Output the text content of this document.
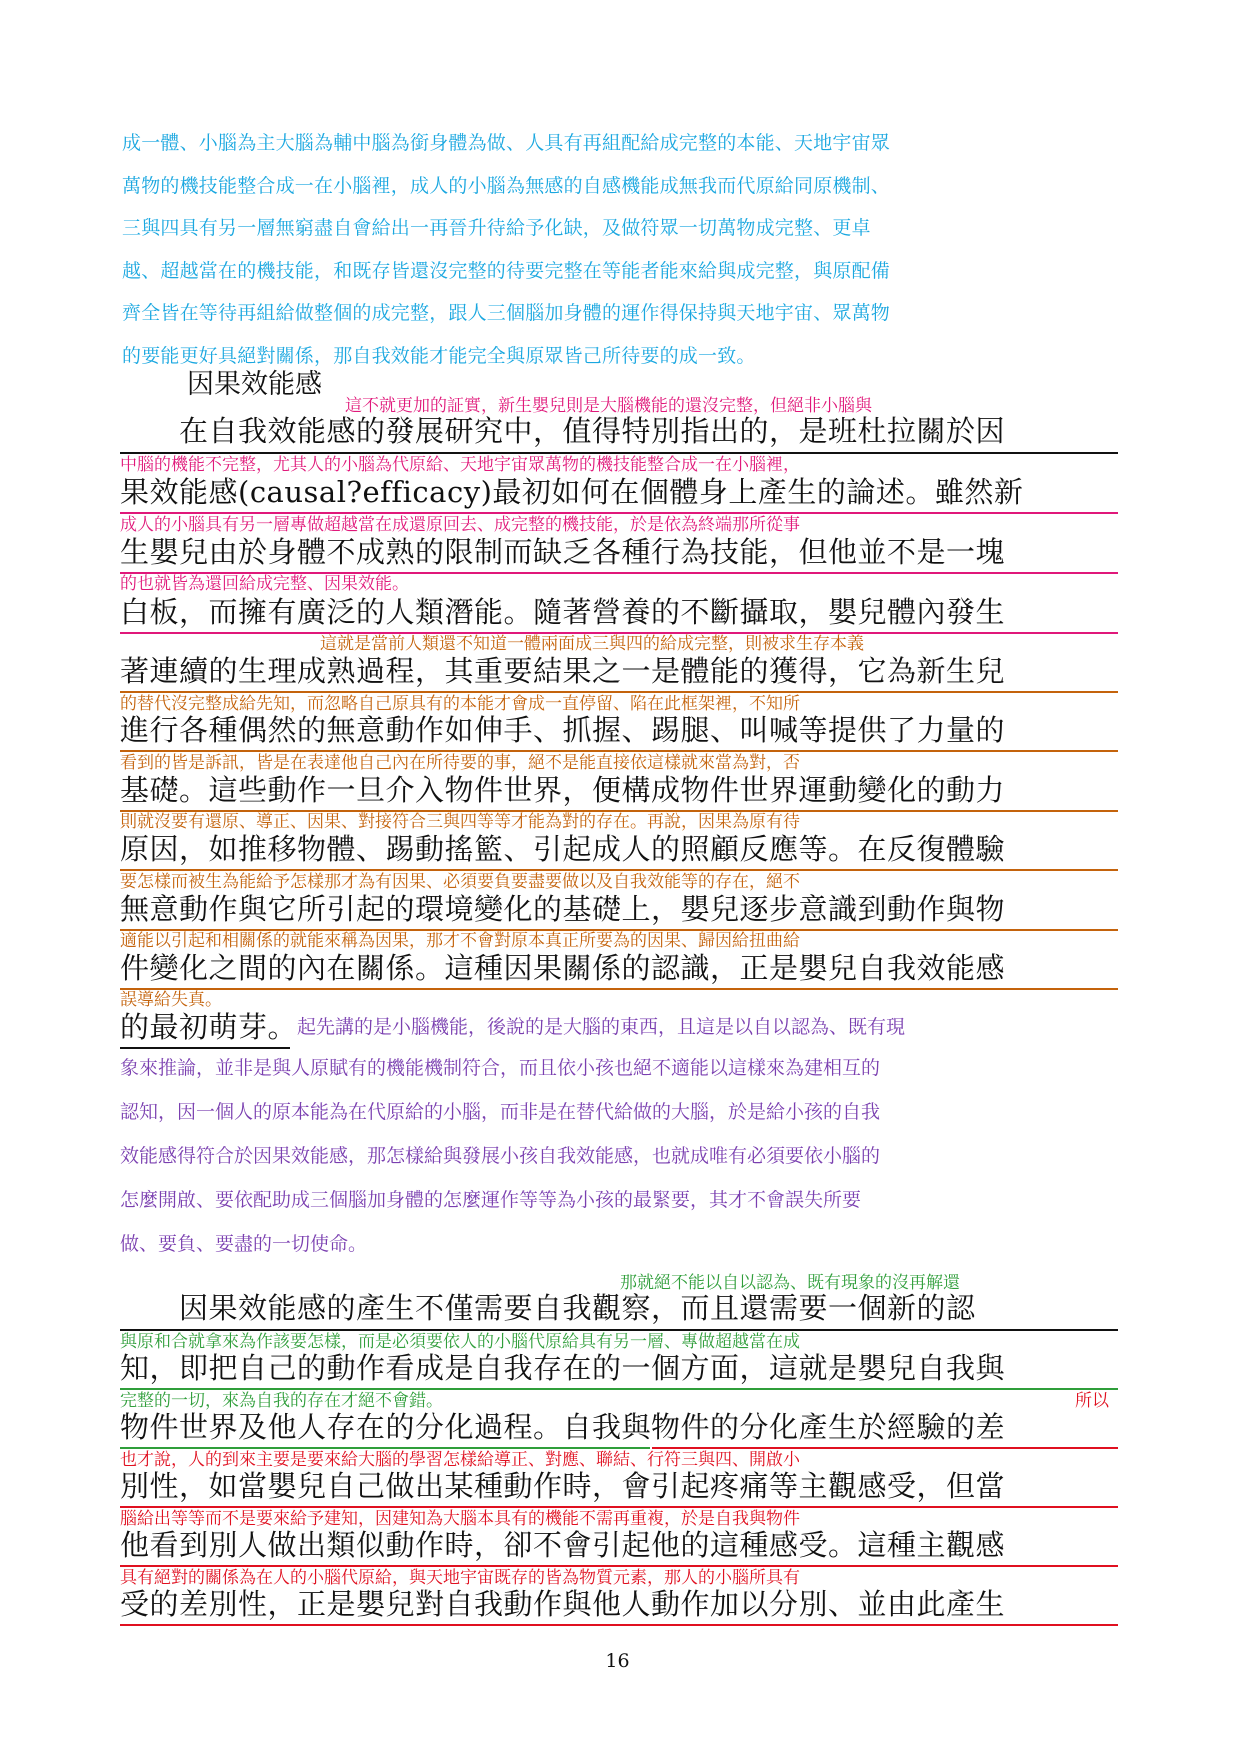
成一體、小腦為主大腦為輔中腦為銜身體為做、人具有再組配給成完整的本能、天地宇宙眾
萬物的機技能整合成一在小腦裡，成人的小腦為無感的自感機能成無我而代原給同原機制、
三與四具有另一層無窮盡自會給出一再晉升待給予化缺，及做符眾一切萬物成完整、更卓
越、超越當在的機技能，和既存皆還沒完整的待要完整在等能者能來給與成完整，與原配備
齊全皆在等待再組給做整個的成完整，跟人三個腦加身體的運作得保持與天地宇宙、眾萬物
的要能更好具絕對關係，那自我效能才能完全與原眾皆己所待要的成一致。
因果效能感
這不就更加的証實，新生嬰兒則是大腦機能的還沒完整，但絕非小腦與
　　在自我效能感的發展研究中，值得特別指出的，是班杜拉關於因
中腦的機能不完整，尤其人的小腦為代原給、天地宇宙眾萬物的機技能整合成一在小腦裡，
果效能感(causal?efficacy)最初如何在個體身上產生的論述。雖然新
成人的小腦具有另一層專做超越當在成還原回去、成完整的機技能，於是依為終端那所從事
生嬰兒由於身體不成熟的限制而缺乏各種行為技能，但他並不是一塊
的也就皆為還回給成完整、因果效能。
白板，而擁有廣泛的人類潛能。隨著營養的不斷攝取，嬰兒體內發生
這就是當前人類還不知道一體兩面成三與四的給成完整，則被求生存本義
著連續的生理成熟過程，其重要結果之一是體能的獲得，它為新生兒
的替代沒完整成給先知，而忽略自己原具有的本能才會成一直停留、陷在此框架裡，不知所
進行各種偶然的無意動作如伸手、抓握、踢腿、叫喊等提供了力量的
看到的皆是訴訊，皆是在表達他自己內在所待要的事，絕不是能直接依這樣就來當為對，否
基礎。這些動作一旦介入物件世界，便構成物件世界運動變化的動力
則就沒要有還原、導正、因果、對接符合三與四等等才能為對的存在。再說，因果為原有待
原因，如推移物體、踢動搖籃、引起成人的照顧反應等。在反復體驗
要怎樣而被生為能給予怎樣那才為有因果、必須要負要盡要做以及自我效能等的存在，絕不
無意動作與它所引起的環境變化的基礎上，嬰兒逐步意識到動作與物
適能以引起和相關係的就能來稱為因果，那才不會對原本真正所要為的因果、歸因給扭曲給
件變化之間的內在關係。這種因果關係的認識，正是嬰兒自我效能感
誤導給失真。
的最初萌芽。 起先講的是小腦機能，後說的是大腦的東西，且這是以自以認為、既有現
象來推論，並非是與人原賦有的機能機制符合，而且依小孩也絕不適能以這樣來為建相互的
認知，因一個人的原本能為在代原給的小腦，而非是在替代給做的大腦，於是給小孩的自我
效能感得符合於因果效能感，那怎樣給與發展小孩自我效能感，也就成唯有必須要依小腦的
怎麼開啟、要依配助成三個腦加身體的怎麼運作等等為小孩的最緊要，其才不會誤失所要
做、要負、要盡的一切使命。
那就絕不能以自以認為、既有現象的沒再解還
　　因果效能感的產生不僅需要自我觀察，而且還需要一個新的認
與原和合就拿來為作該要怎樣，而是必須要依人的小腦代原給具有另一層、專做超越當在成
知，即把自己的動作看成是自我存在的一個方面，這就是嬰兒自我與
完整的一切，來為自我的存在才絕不會錯。	所以
物件世界及他人存在的分化過程。自我與物件的分化產生於經驗的差
也才說，人的到來主要是要來給大腦的學習怎樣給導正、對應、聯結、行符三與四、開啟小
別性，如當嬰兒自己做出某種動作時，會引起疼痛等主觀感受，但當
腦給出等等而不是要來給予建知，因建知為大腦本具有的機能不需再重複，於是自我與物件
他看到別人做出類似動作時，卻不會引起他的這種感受。這種主觀感
具有絕對的關係為在人的小腦代原給，與天地宇宙既存的皆為物質元素，那人的小腦所具有
受的差別性，正是嬰兒對自我動作與他人動作加以分別、並由此產生
16
